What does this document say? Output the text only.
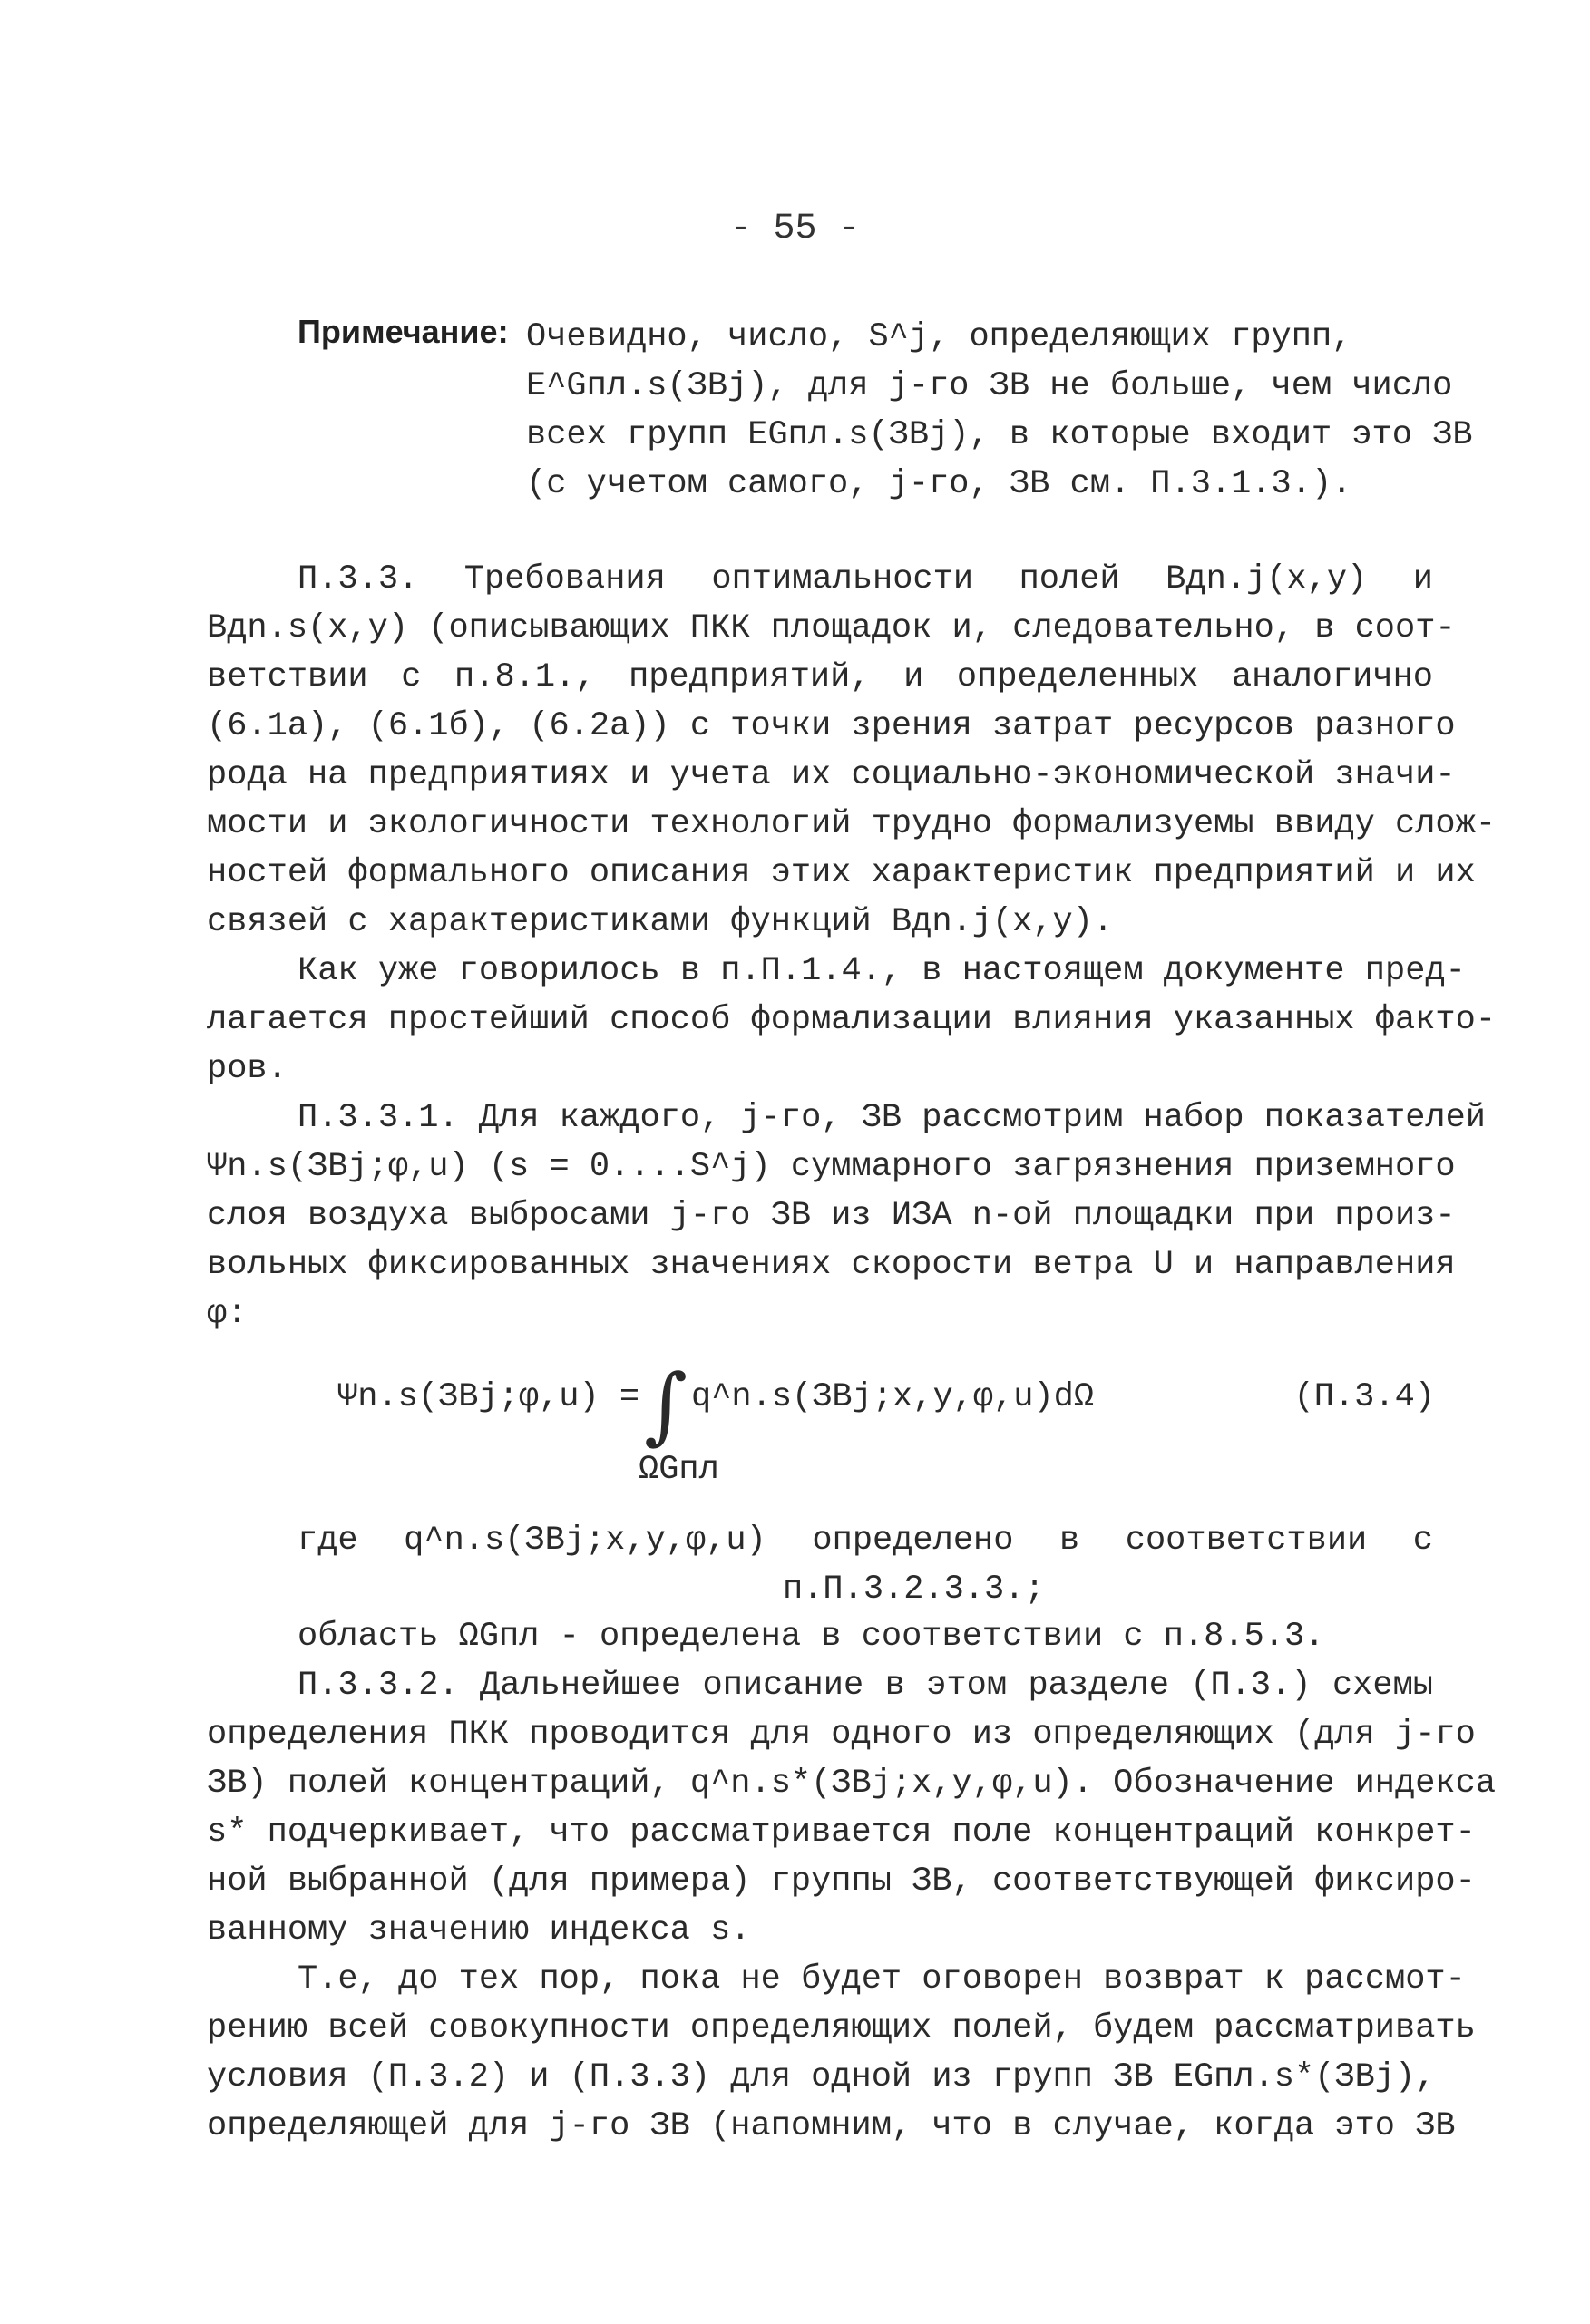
- 55 -
Примечание: Очевидно, число, S^j, определяющих групп,
E^Gпл.s(ЗВj), для j-го ЗВ не больше, чем число
всех групп EGпл.s(ЗВj), в которые входит это ЗВ
(с учетом самого, j-го, ЗВ см. П.3.1.3.).
П.3.3. Требования оптимальности полей Bдn.j(x,y) и
Bдn.s(x,y) (описывающих ПКК площадок и, следовательно, в соот-
ветствии с п.8.1., предприятий, и определенных аналогично
(6.1а), (6.1б), (6.2а)) с точки зрения затрат ресурсов разного
рода на предприятиях и учета их социально-экономической значи-
мости и экологичности технологий трудно формализуемы ввиду слож-
ностей формального описания этих характеристик предприятий и их
связей с характеристиками функций Bдn.j(x,y).
Как уже говорилось в п.П.1.4., в настоящем документе пред-
лагается простейший способ формализации влияния указанных факто-
ров.
П.3.3.1. Для каждого, j-го, ЗВ рассмотрим набор показателей
Ψn.s(ЗВj;φ,u) (s = 0....S^j) суммарного загрязнения приземного
слоя воздуха выбросами j-го ЗВ из ИЗА n-ой площадки при произ-
вольных фиксированных значениях скорости ветра U и направления
φ:
Ψn.s(ЗВj;φ,u) = ∫ q^n.s(ЗВj;x,y,φ,u)dΩ	(П.3.4)
ΩGпл
где q^n.s(ЗВj;x,y,φ,u) определено в соответствии с
п.П.3.2.3.3.;
область ΩGпл - определена в соответствии с п.8.5.3.
П.3.3.2. Дальнейшее описание в этом разделе (П.3.) схемы
определения ПКК проводится для одного из определяющих (для j-го
ЗВ) полей концентраций, q^n.s*(ЗВj;x,y,φ,u). Обозначение индекса
s* подчеркивает, что рассматривается поле концентраций конкрет-
ной выбранной (для примера) группы ЗВ, соответствующей фиксиро-
ванному значению индекса s.
Т.е, до тех пор, пока не будет оговорен возврат к рассмот-
рению всей совокупности определяющих полей, будем рассматривать
условия (П.3.2) и (П.3.3) для одной из групп ЗВ EGпл.s*(ЗВj),
определяющей для j-го ЗВ (напомним, что в случае, когда это ЗВ
